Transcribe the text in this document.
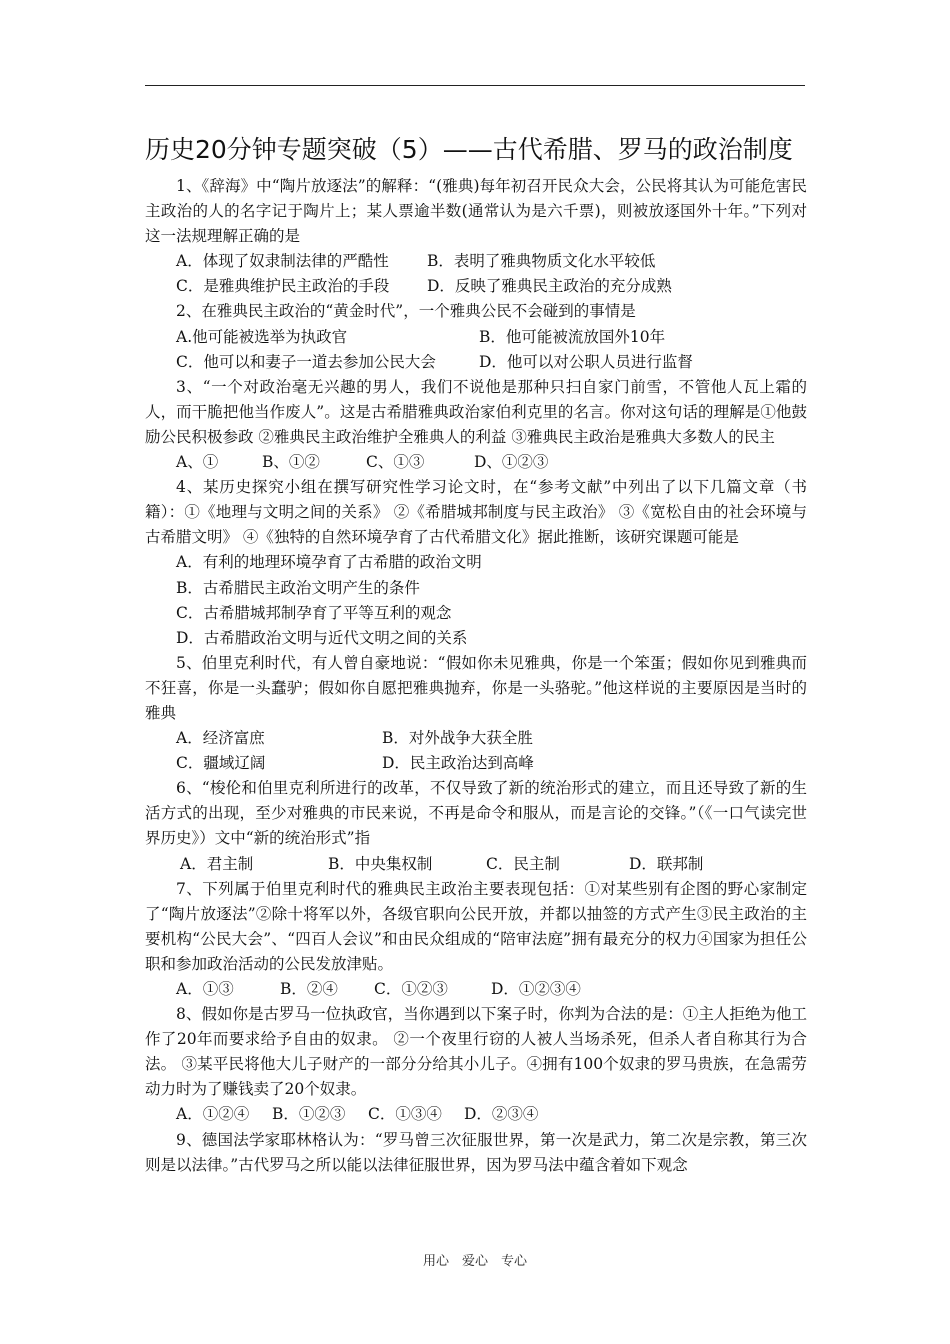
历史20分钟专题突破（5）——古代希腊、罗马的政治制度

1、《辞海》中“陶片放逐法”的解释：“(雅典)每年初召开民众大会，公民将其认为可能危害民主政治的人的名字记于陶片上；某人票逾半数(通常认为是六千票)，则被放逐国外十年。”下列对这一法规理解正确的是

A．体现了奴隶制法律的严酷性 B．表明了雅典物质文化水平较低

C．是雅典维护民主政治的手段 D．反映了雅典民主政治的充分成熟

2、在雅典民主政治的“黄金时代”，一个雅典公民不会碰到的事情是

A.他可能被选举为执政官	B．他可能被流放国外10年

C．他可以和妻子一道去参加公民大会	D．他可以对公职人员进行监督

3、“一个对政治毫无兴趣的男人，我们不说他是那种只扫自家门前雪，不管他人瓦上霜的人，而干脆把他当作废人”。这是古希腊雅典政治家伯利克里的名言。你对这句话的理解是①他鼓励公民积极参政 ②雅典民主政治维护全雅典人的利益 ③雅典民主政治是雅典大多数人的民主

A、①	B、①②	C、①③	D、①②③

4、某历史探究小组在撰写研究性学习论文时，在“参考文献”中列出了以下几篇文章（书籍）：①《地理与文明之间的关系》 ②《希腊城邦制度与民主政治》 ③《宽松自由的社会环境与古希腊文明》 ④《独特的自然环境孕育了古代希腊文化》据此推断，该研究课题可能是

A．有利的地理环境孕育了古希腊的政治文明

B．古希腊民主政治文明产生的条件

C．古希腊城邦制孕育了平等互利的观念

D．古希腊政治文明与近代文明之间的关系

5、伯里克利时代，有人曾自豪地说：“假如你未见雅典，你是一个笨蛋；假如你见到雅典而不狂喜，你是一头蠢驴；假如你自愿把雅典抛弃，你是一头骆驼。”他这样说的主要原因是当时的雅典

A．经济富庶	B．对外战争大获全胜

C．疆域辽阔	D．民主政治达到高峰

6、“梭伦和伯里克利所进行的改革，不仅导致了新的统治形式的建立，而且还导致了新的生活方式的出现，至少对雅典的市民来说，不再是命令和服从，而是言论的交锋。”（《一口气读完世界历史》）文中“新的统治形式”指

A．君主制	B．中央集权制	C．民主制	D．联邦制

7、下列属于伯里克利时代的雅典民主政治主要表现包括：①对某些别有企图的野心家制定了“陶片放逐法”②除十将军以外，各级官职向公民开放，并都以抽签的方式产生③民主政治的主要机构“公民大会”、“四百人会议”和由民众组成的“陪审法庭”拥有最充分的权力④国家为担任公职和参加政治活动的公民发放津贴。

A．①③	B．②④ C．①②③	D．①②③④

8、假如你是古罗马一位执政官，当你遇到以下案子时，你判为合法的是：①主人拒绝为他工作了20年而要求给予自由的奴隶。 ②一个夜里行窃的人被人当场杀死，但杀人者自称其行为合法。 ③某平民将他大儿子财产的一部分分给其小儿子。④拥有100个奴隶的罗马贵族，在急需劳动力时为了赚钱卖了20个奴隶。

A．①②④ B．①②③ C．①③④ D．②③④

9、德国法学家耶林格认为：“罗马曾三次征服世界，第一次是武力，第二次是宗教，第三次则是以法律。”古代罗马之所以能以法律征服世界，因为罗马法中蕴含着如下观念

用心　爱心　专心
